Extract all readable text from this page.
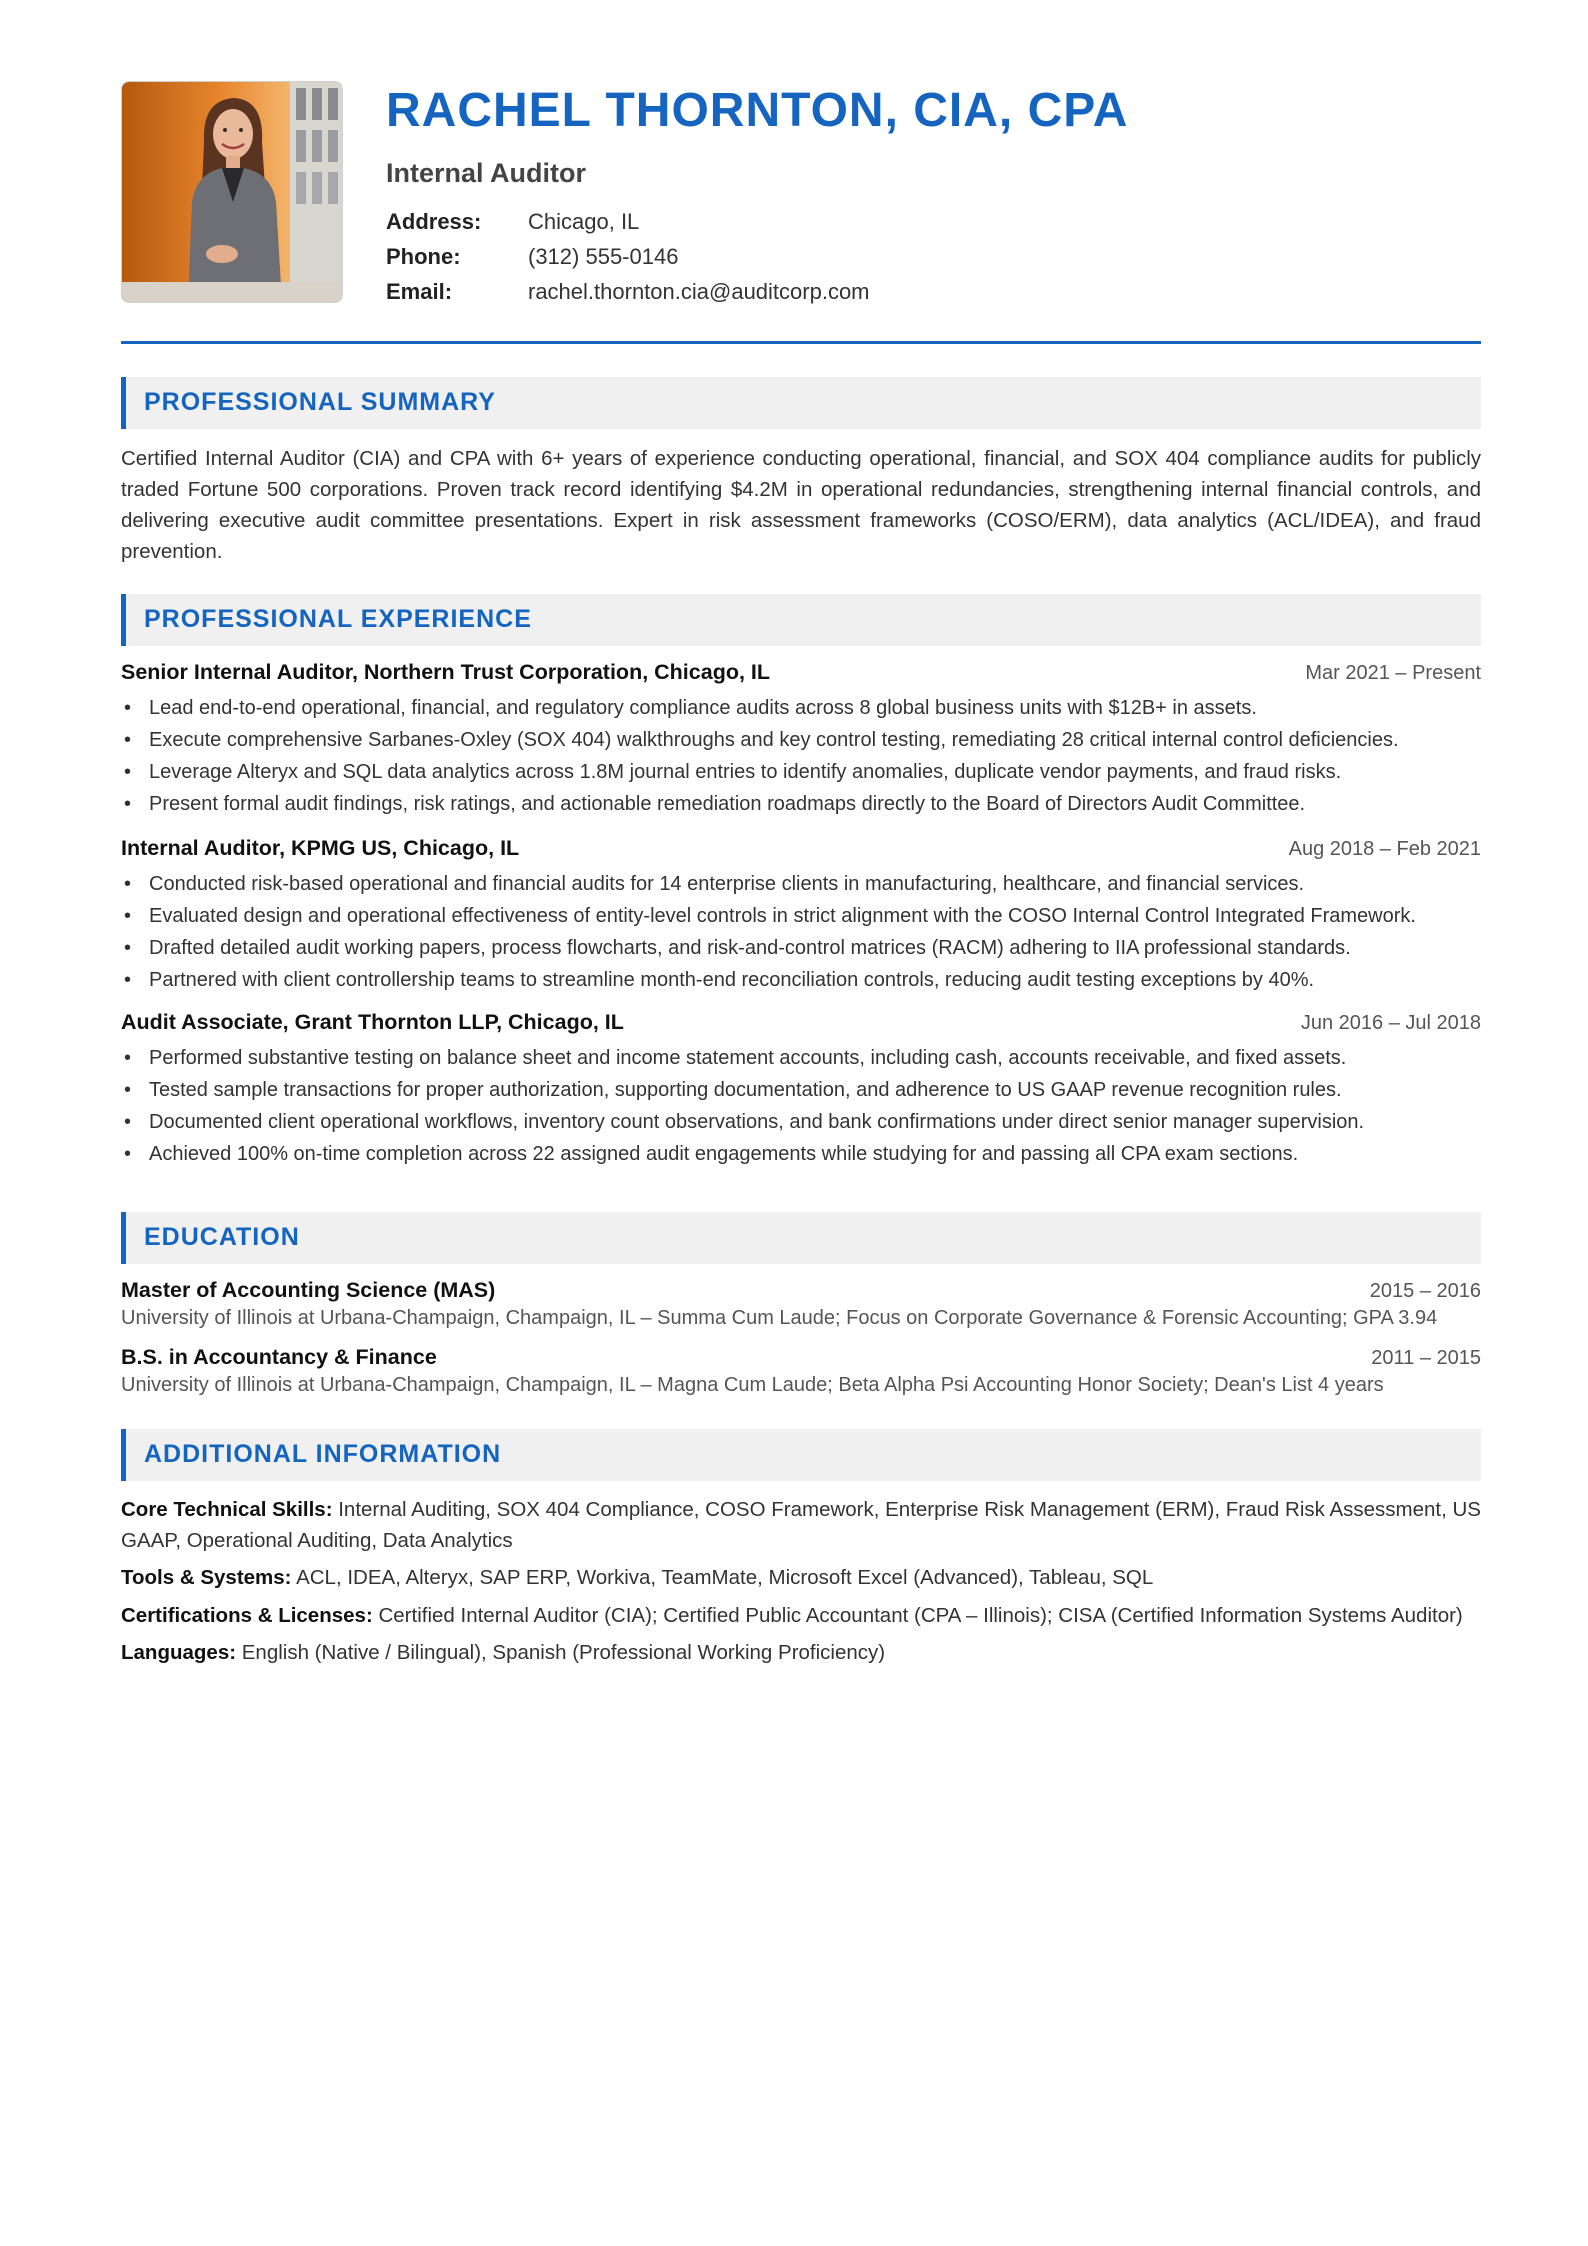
RACHEL THORNTON, CIA, CPA
Internal Auditor
Address:	Chicago, IL
Phone:	(312) 555-0146
Email:	rachel.thornton.cia@auditcorp.com
PROFESSIONAL SUMMARY
Certified Internal Auditor (CIA) and CPA with 6+ years of experience conducting operational, financial, and SOX 404 compliance audits for publicly traded Fortune 500 corporations. Proven track record identifying $4.2M in operational redundancies, strengthening internal financial controls, and delivering executive audit committee presentations. Expert in risk assessment frameworks (COSO/ERM), data analytics (ACL/IDEA), and fraud prevention.
PROFESSIONAL EXPERIENCE
Senior Internal Auditor, Northern Trust Corporation, Chicago, IL	Mar 2021 – Present
• Lead end-to-end operational, financial, and regulatory compliance audits across 8 global business units with $12B+ in assets.
• Execute comprehensive Sarbanes-Oxley (SOX 404) walkthroughs and key control testing, remediating 28 critical internal control deficiencies.
• Leverage Alteryx and SQL data analytics across 1.8M journal entries to identify anomalies, duplicate vendor payments, and fraud risks.
• Present formal audit findings, risk ratings, and actionable remediation roadmaps directly to the Board of Directors Audit Committee.
Internal Auditor, KPMG US, Chicago, IL	Aug 2018 – Feb 2021
• Conducted risk-based operational and financial audits for 14 enterprise clients in manufacturing, healthcare, and financial services.
• Evaluated design and operational effectiveness of entity-level controls in strict alignment with the COSO Internal Control Integrated Framework.
• Drafted detailed audit working papers, process flowcharts, and risk-and-control matrices (RACM) adhering to IIA professional standards.
• Partnered with client controllership teams to streamline month-end reconciliation controls, reducing audit testing exceptions by 40%.
Audit Associate, Grant Thornton LLP, Chicago, IL	Jun 2016 – Jul 2018
• Performed substantive testing on balance sheet and income statement accounts, including cash, accounts receivable, and fixed assets.
• Tested sample transactions for proper authorization, supporting documentation, and adherence to US GAAP revenue recognition rules.
• Documented client operational workflows, inventory count observations, and bank confirmations under direct senior manager supervision.
• Achieved 100% on-time completion across 22 assigned audit engagements while studying for and passing all CPA exam sections.
EDUCATION
Master of Accounting Science (MAS)	2015 – 2016
University of Illinois at Urbana-Champaign, Champaign, IL – Summa Cum Laude; Focus on Corporate Governance & Forensic Accounting; GPA 3.94
B.S. in Accountancy & Finance	2011 – 2015
University of Illinois at Urbana-Champaign, Champaign, IL – Magna Cum Laude; Beta Alpha Psi Accounting Honor Society; Dean's List 4 years
ADDITIONAL INFORMATION
Core Technical Skills: Internal Auditing, SOX 404 Compliance, COSO Framework, Enterprise Risk Management (ERM), Fraud Risk Assessment, US GAAP, Operational Auditing, Data Analytics
Tools & Systems: ACL, IDEA, Alteryx, SAP ERP, Workiva, TeamMate, Microsoft Excel (Advanced), Tableau, SQL
Certifications & Licenses: Certified Internal Auditor (CIA); Certified Public Accountant (CPA – Illinois); CISA (Certified Information Systems Auditor)
Languages: English (Native / Bilingual), Spanish (Professional Working Proficiency)
